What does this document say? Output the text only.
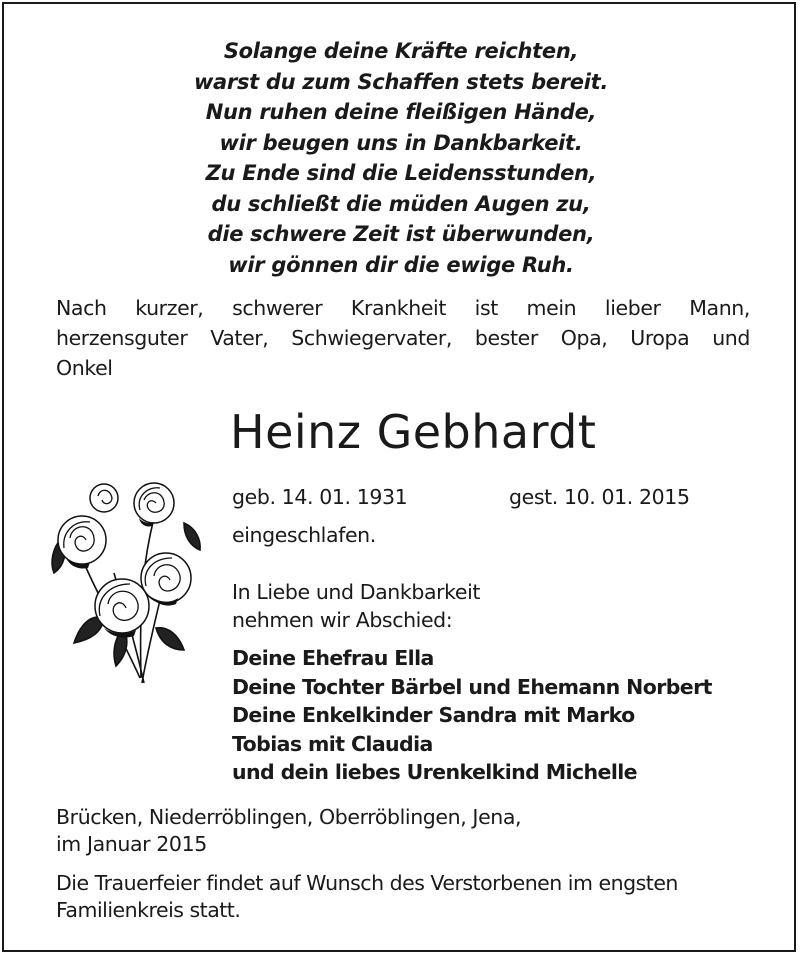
Solange deine Kräfte reichten,
warst du zum Schaffen stets bereit.
Nun ruhen deine fleißigen Hände,
wir beugen uns in Dankbarkeit.
Zu Ende sind die Leidensstunden,
du schließt die müden Augen zu,
die schwere Zeit ist überwunden,
wir gönnen dir die ewige Ruh.
Nach kurzer, schwerer Krankheit ist mein lieber Mann,
herzensguter Vater, Schwiegervater, bester Opa, Uropa und
Onkel
Heinz Gebhardt
geb. 14. 01. 1931	gest. 10. 01. 2015
eingeschlafen.
In Liebe und Dankbarkeit
nehmen wir Abschied:
Deine Ehefrau Ella
Deine Tochter Bärbel und Ehemann Norbert
Deine Enkelkinder Sandra mit Marko
Tobias mit Claudia
und dein liebes Urenkelkind Michelle
Brücken, Niederröblingen, Oberröblingen, Jena,
im Januar 2015
Die Trauerfeier findet auf Wunsch des Verstorbenen im engsten
Familienkreis statt.
